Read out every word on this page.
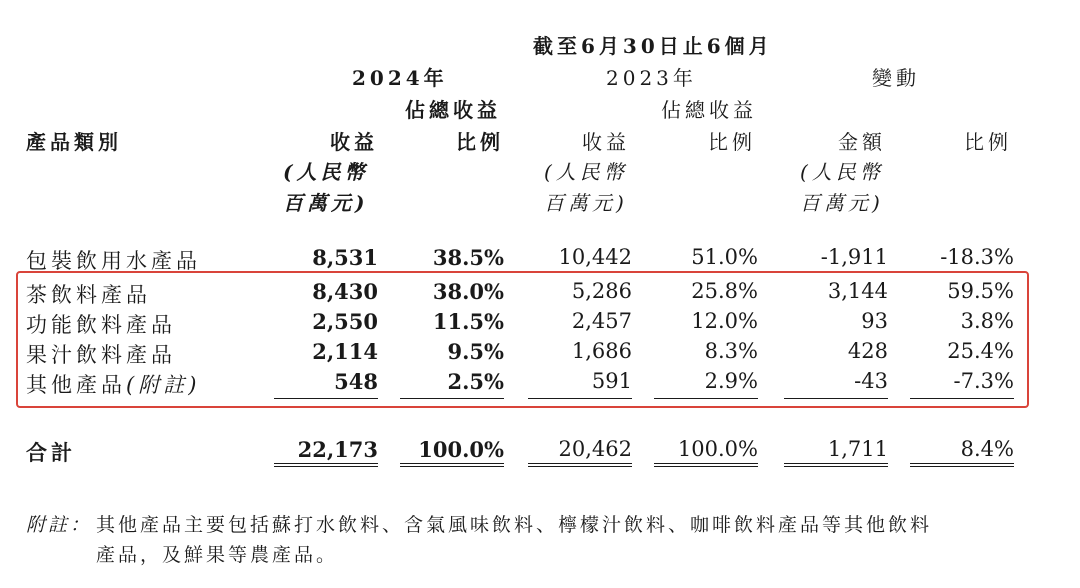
截至6月30日止6個月
2024年	2023年	變動
佔總收益	佔總收益
產品類別	收益	比例	收益	比例	金額	比例
(人民幣
百萬元)
(人民幣
百萬元)
(人民幣
百萬元)
包裝飲用水產品	8,531	38.5%	10,442	51.0%	-1,911	-18.3%
茶飲料產品	8,430	38.0%	5,286	25.8%	3,144	59.5%
功能飲料產品	2,550	11.5%	2,457	12.0%	93	3.8%
果汁飲料產品	2,114	9.5%	1,686	8.3%	428	25.4%
其他產品(附註)	548	2.5%	591	2.9%	-43	-7.3%
合計	22,173	100.0%	20,462	100.0%	1,711	8.4%
附註： 其他產品主要包括蘇打水飲料、含氣風味飲料、檸檬汁飲料、咖啡飲料產品等其他飲料
產品，及鮮果等農產品。
